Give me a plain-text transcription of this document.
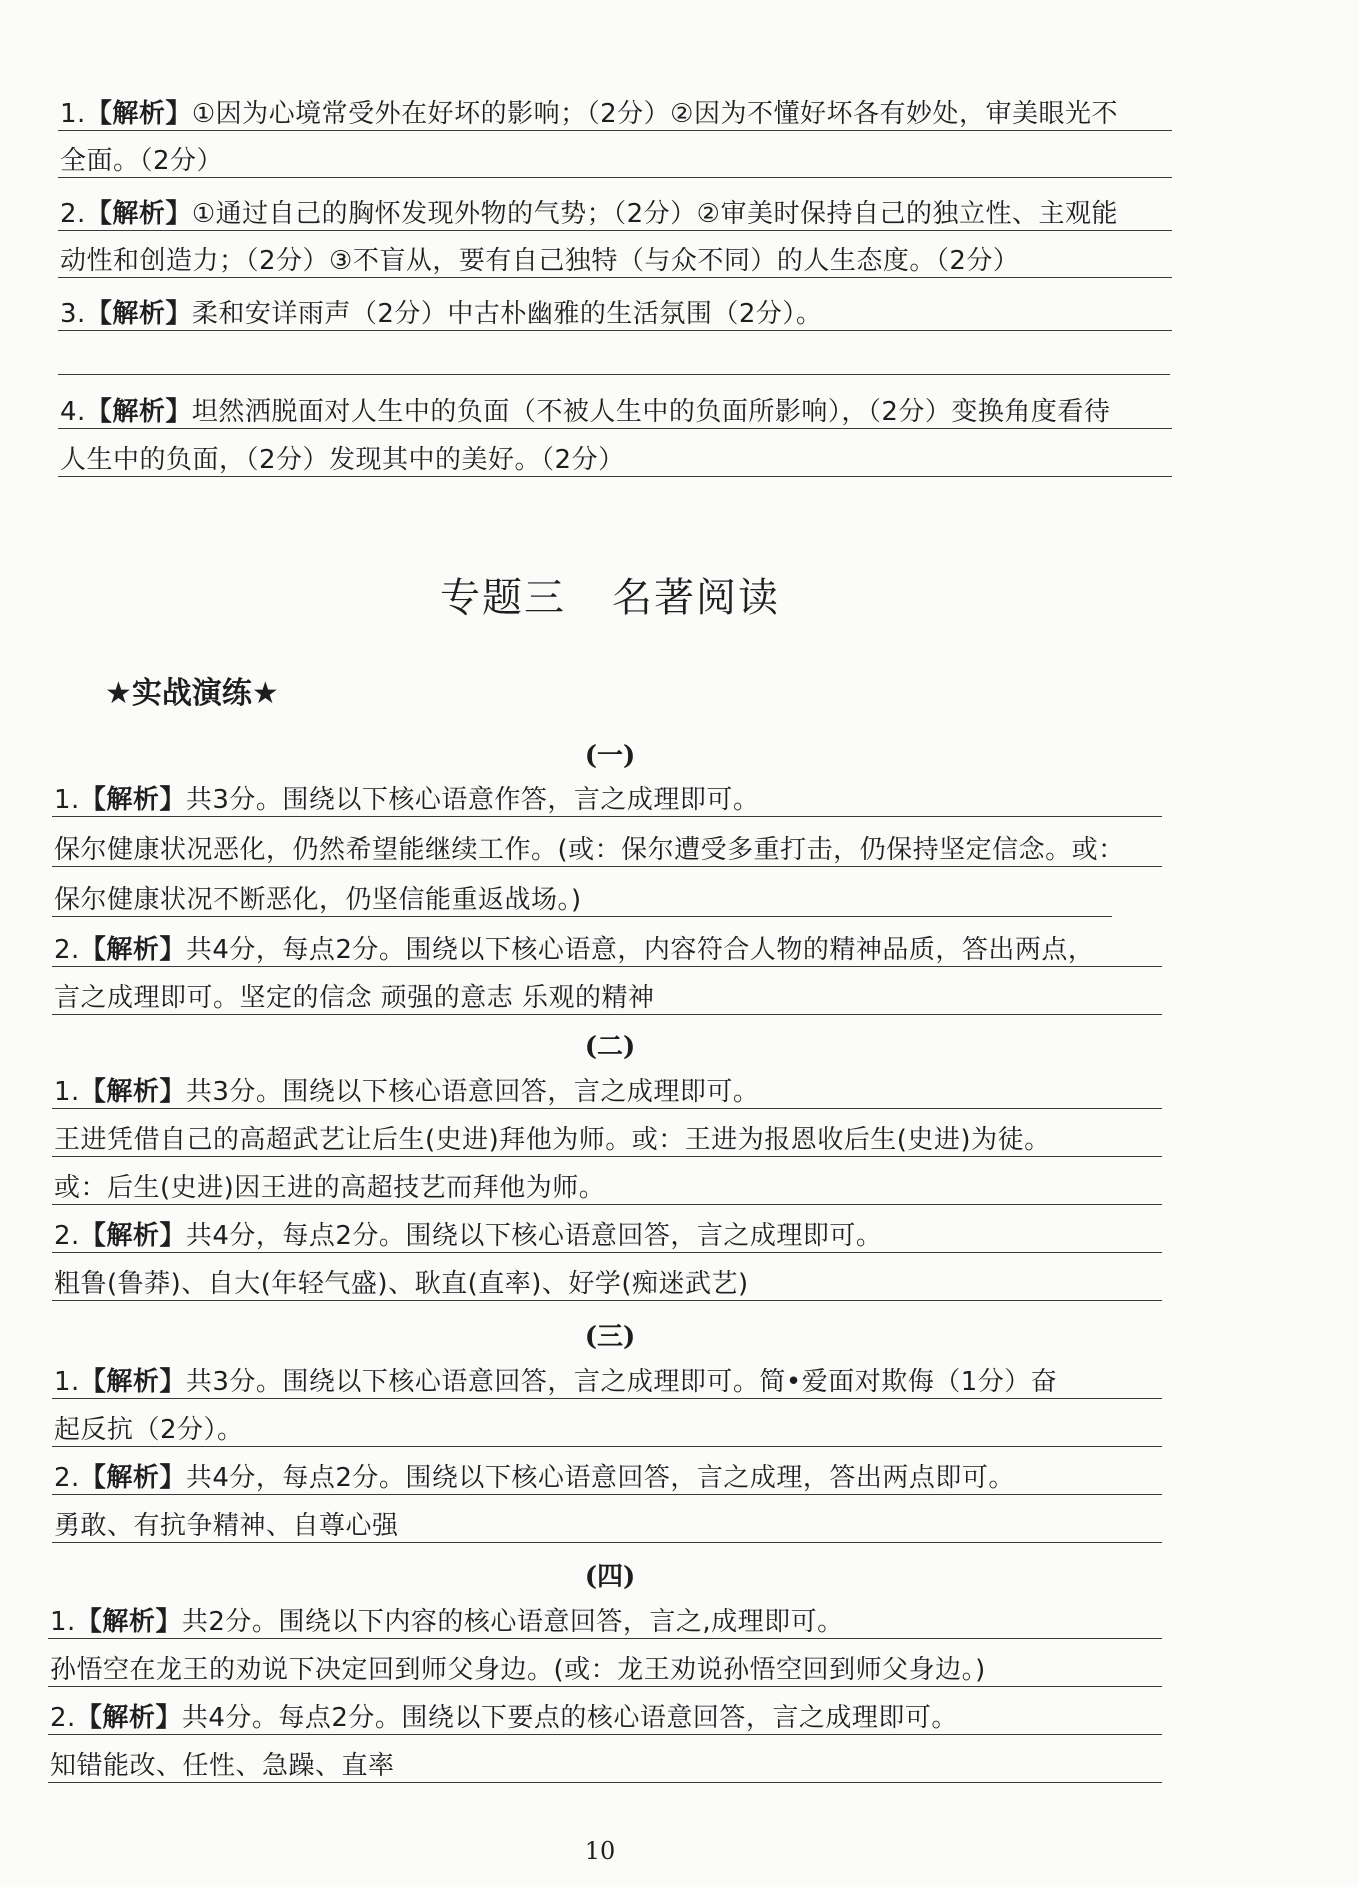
1.【解析】①因为心境常受外在好坏的影响；（2分）②因为不懂好坏各有妙处，审美眼光不
全面。（2分）
2.【解析】①通过自己的胸怀发现外物的气势；（2分）②审美时保持自己的独立性、主观能
动性和创造力；（2分）③不盲从，要有自己独特（与众不同）的人生态度。（2分）
3.【解析】柔和安详雨声（2分）中古朴幽雅的生活氛围（2分）。
4.【解析】坦然洒脱面对人生中的负面（不被人生中的负面所影响），（2分）变换角度看待
人生中的负面，（2分）发现其中的美好。（2分）
专题三 名著阅读
★实战演练★
(一)
1.【解析】共3分。围绕以下核心语意作答，言之成理即可。
保尔健康状况恶化，仍然希望能继续工作。(或：保尔遭受多重打击，仍保持坚定信念。或：
保尔健康状况不断恶化，仍坚信能重返战场。)
2.【解析】共4分，每点2分。围绕以下核心语意，内容符合人物的精神品质，答出两点，
言之成理即可。坚定的信念 顽强的意志 乐观的精神
(二)
1.【解析】共3分。围绕以下核心语意回答，言之成理即可。
王进凭借自己的高超武艺让后生(史进)拜他为师。或：王进为报恩收后生(史进)为徒。
或：后生(史进)因王进的高超技艺而拜他为师。
2.【解析】共4分，每点2分。围绕以下核心语意回答，言之成理即可。
粗鲁(鲁莽)、自大(年轻气盛)、耿直(直率)、好学(痴迷武艺)
(三)
1.【解析】共3分。围绕以下核心语意回答，言之成理即可。简•爱面对欺侮（1分）奋
起反抗（2分）。
2.【解析】共4分，每点2分。围绕以下核心语意回答，言之成理，答出两点即可。
勇敢、有抗争精神、自尊心强
(四)
1.【解析】共2分。围绕以下内容的核心语意回答，言之,成理即可。
孙悟空在龙王的劝说下决定回到师父身边。(或：龙王劝说孙悟空回到师父身边。)
2.【解析】共4分。每点2分。围绕以下要点的核心语意回答，言之成理即可。
知错能改、任性、急躁、直率
10
